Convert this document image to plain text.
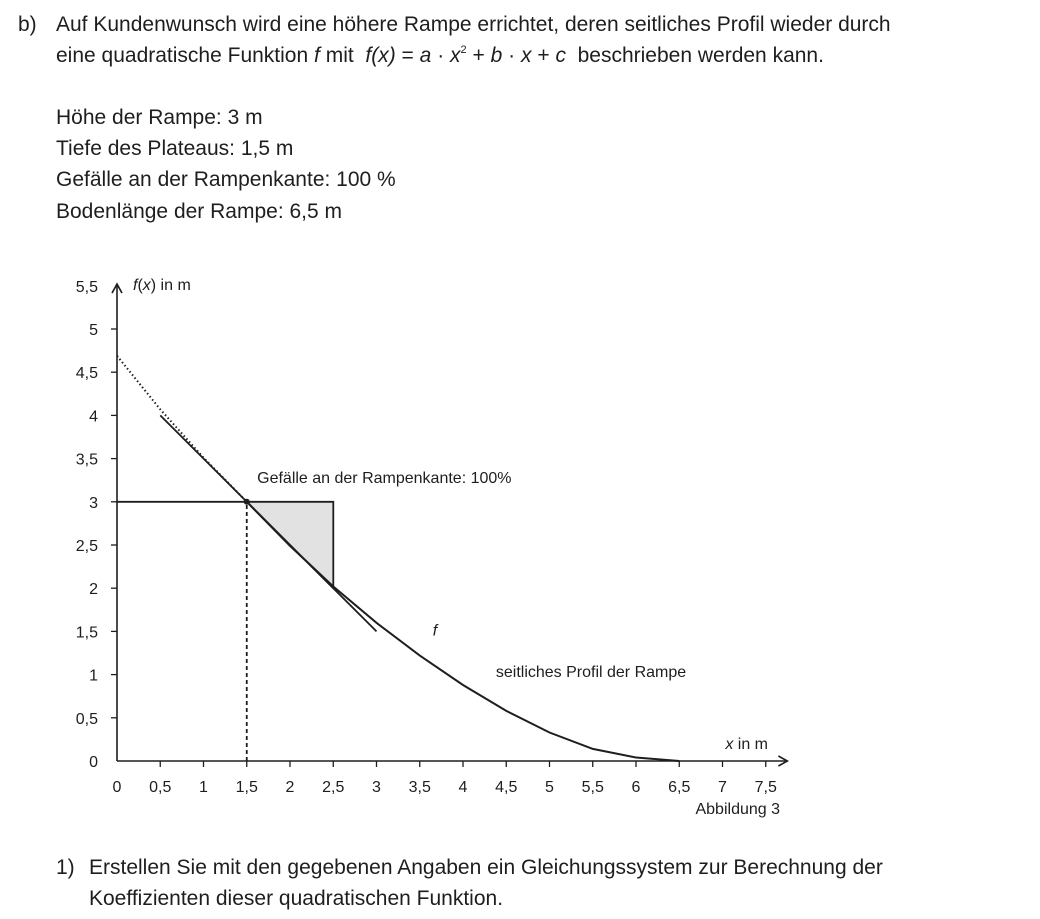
b) Auf Kundenwunsch wird eine höhere Rampe errichtet, deren seitliches Profil wieder durch
eine quadratische Funktion f mit $f(x) = a \cdot x^2 + b \cdot x + c$ beschrieben werden kann.
Höhe der Rampe: 3 m
Tiefe des Plateaus: 1,5 m
Gefälle an der Rampenkante: 100 %
Bodenlänge der Rampe: 6,5 m
0 0,5 1 1,5 2 2,5 3 3,5 4 4,5 5 5,5 6 6,5 7 7,5
0
0,5
1
1,5
2
2,5
3
3,5
4
4,5
5
5,5 f(x) in m
x in m
Gefälle an der Rampenkante: 100%
f
seitliches Profil der Rampe
Abbildung 3
1) Erstellen Sie mit den gegebenen Angaben ein Gleichungssystem zur Berechnung der
Koeffizienten dieser quadratischen Funktion.
